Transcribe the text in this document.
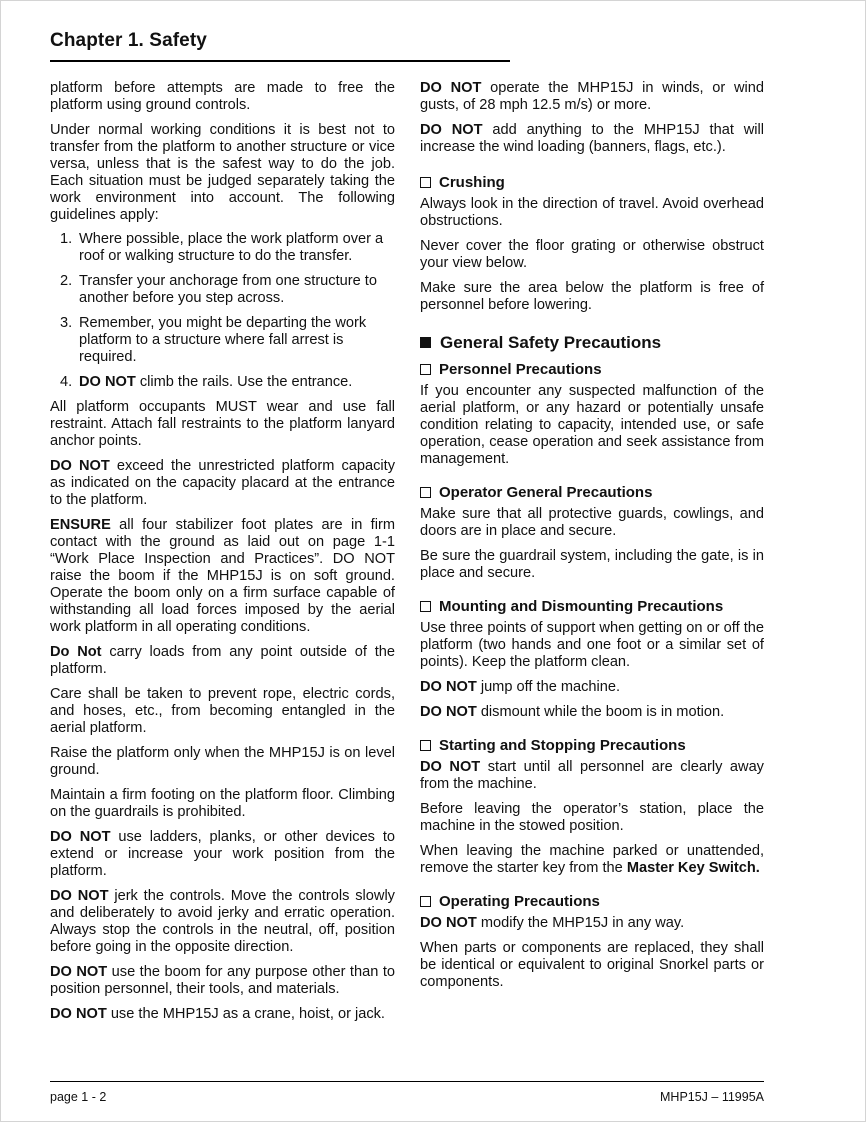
Chapter 1. Safety

platform before attempts are made to free the platform using ground controls.

Under normal working conditions it is best not to transfer from the platform to another structure or vice versa, unless that is the safest way to do the job. Each situation must be judged separately taking the work environment into account. The following guidelines apply:

1. Where possible, place the work platform over a roof or walking structure to do the transfer.
2. Transfer your anchorage from one structure to another before you step across.
3. Remember, you might be departing the work platform to a structure where fall arrest is required.
4. DO NOT climb the rails. Use the entrance.

All platform occupants MUST wear and use fall restraint. Attach fall restraints to the platform lanyard anchor points.

DO NOT exceed the unrestricted platform capacity as indicated on the capacity placard at the entrance to the platform.

ENSURE all four stabilizer foot plates are in firm contact with the ground as laid out on page 1-1 “Work Place Inspection and Practices”. DO NOT raise the boom if the MHP15J is on soft ground. Operate the boom only on a firm surface capable of withstanding all load forces imposed by the aerial work platform in all operating conditions.

Do Not carry loads from any point outside of the platform.

Care shall be taken to prevent rope, electric cords, and hoses, etc., from becoming entangled in the aerial platform.

Raise the platform only when the MHP15J is on level ground.

Maintain a firm footing on the platform floor. Climbing on the guardrails is prohibited.

DO NOT use ladders, planks, or other devices to extend or increase your work position from the platform.

DO NOT jerk the controls. Move the controls slowly and deliberately to avoid jerky and erratic operation. Always stop the controls in the neutral, off, position before going in the opposite direction.

DO NOT use the boom for any purpose other than to position personnel, their tools, and materials.

DO NOT use the MHP15J as a crane, hoist, or jack.

DO NOT operate the MHP15J in winds, or wind gusts, of 28 mph 12.5 m/s) or more.

DO NOT add anything to the MHP15J that will increase the wind loading (banners, flags, etc.).

Crushing

Always look in the direction of travel. Avoid overhead obstructions.

Never cover the floor grating or otherwise obstruct your view below.

Make sure the area below the platform is free of personnel before lowering.

General Safety Precautions
Personnel Precautions

If you encounter any suspected malfunction of the aerial platform, or any hazard or potentially unsafe condition relating to capacity, intended use, or safe operation, cease operation and seek assistance from management.

Operator General Precautions

Make sure that all protective guards, cowlings, and doors are in place and secure.

Be sure the guardrail system, including the gate, is in place and secure.

Mounting and Dismounting Precautions

Use three points of support when getting on or off the platform (two hands and one foot or a similar set of points). Keep the platform clean.

DO NOT jump off the machine.

DO NOT dismount while the boom is in motion.

Starting and Stopping Precautions

DO NOT start until all personnel are clearly away from the machine.

Before leaving the operator’s station, place the machine in the stowed position.

When leaving the machine parked or unattended, remove the starter key from the Master Key Switch.

Operating Precautions

DO NOT modify the MHP15J in any way.

When parts or components are replaced, they shall be identical or equivalent to original Snorkel parts or components.

page 1 - 2	MHP15J – 11995A
